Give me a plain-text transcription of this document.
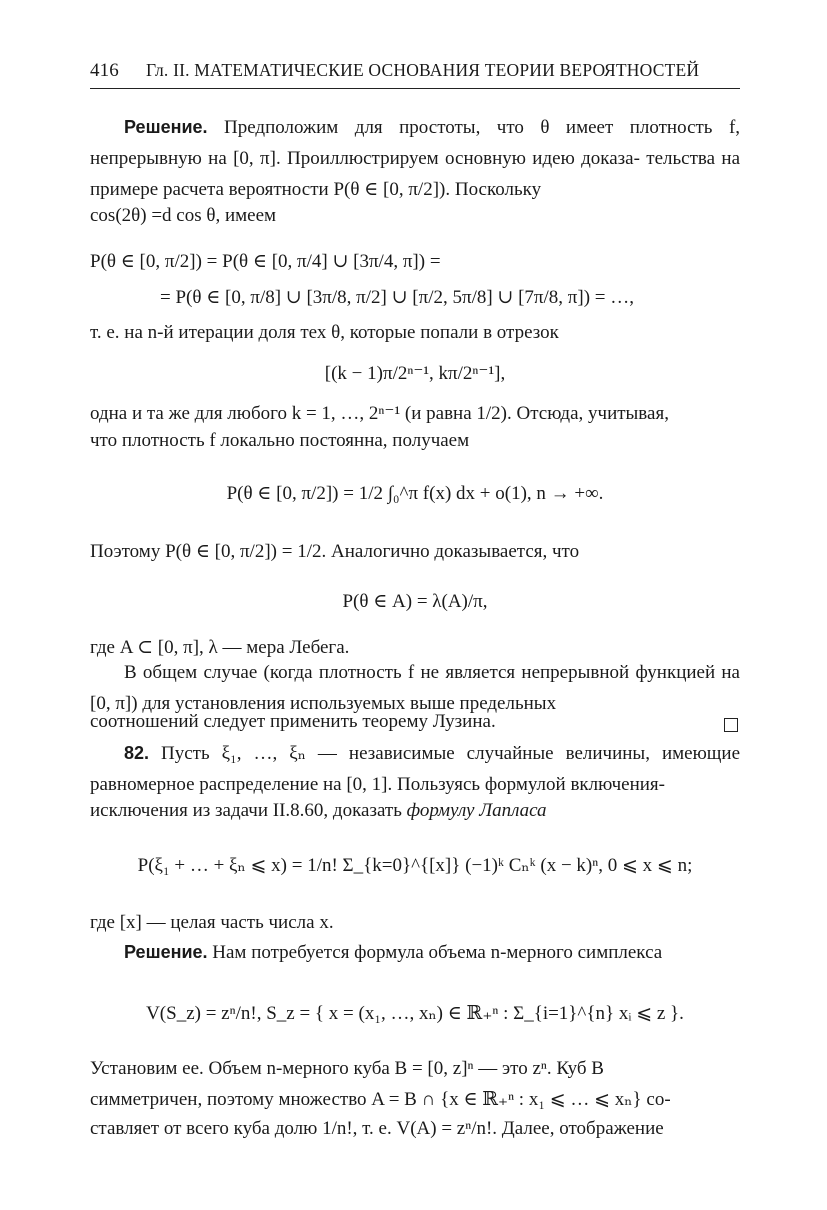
416 Гл. II. МАТЕМАТИЧЕСКИЕ ОСНОВАНИЯ ТЕОРИИ ВЕРОЯТНОСТЕЙ
Решение. Предположим для простоты, что θ имеет плотность f, непрерывную на [0, π]. Проиллюстрируем основную идею доказа- тельства на примере расчета вероятности P(θ ∈ [0, π/2]). Поскольку
cos(2θ) =d cos θ, имеем
P(θ ∈ [0, π/2]) = P(θ ∈ [0, π/4] ∪ [3π/4, π]) =
= P(θ ∈ [0, π/8] ∪ [3π/8, π/2] ∪ [π/2, 5π/8] ∪ [7π/8, π]) = …,
т. е. на n-й итерации доля тех θ, которые попали в отрезок
[(k − 1)π/2ⁿ⁻¹, kπ/2ⁿ⁻¹],
одна и та же для любого k = 1, …, 2ⁿ⁻¹ (и равна 1/2). Отсюда, учитывая,
что плотность f локально постоянна, получаем
P(θ ∈ [0, π/2]) = 1/2 ∫₀^π f(x) dx + o(1), n → +∞.
Поэтому P(θ ∈ [0, π/2]) = 1/2. Аналогично доказывается, что
P(θ ∈ A) = λ(A)/π,
где A ⊂ [0, π], λ — мера Лебега.
В общем случае (когда плотность f не является непрерывной функцией на [0, π]) для установления используемых выше предельных
соотношений следует применить теорему Лузина.
82. Пусть ξ₁, …, ξₙ — независимые случайные величины, имеющие равномерное распределение на [0, 1]. Пользуясь формулой включения-
исключения из задачи II.8.60, доказать формулу Лапласа
P(ξ₁ + … + ξₙ ⩽ x) = 1/n! Σ_{k=0}^{[x]} (−1)ᵏ Cₙᵏ (x − k)ⁿ, 0 ⩽ x ⩽ n;
где [x] — целая часть числа x.
Решение. Нам потребуется формула объема n-мерного симплекса
V(S_z) = zⁿ/n!, S_z = { x = (x₁, …, xₙ) ∈ ℝ₊ⁿ : Σ_{i=1}^{n} xᵢ ⩽ z }.
Установим ее. Объем n-мерного куба B = [0, z]ⁿ — это zⁿ. Куб B
симметричен, поэтому множество A = B ∩ {x ∈ ℝ₊ⁿ : x₁ ⩽ … ⩽ xₙ} со-
ставляет от всего куба долю 1/n!, т. е. V(A) = zⁿ/n!. Далее, отображение
